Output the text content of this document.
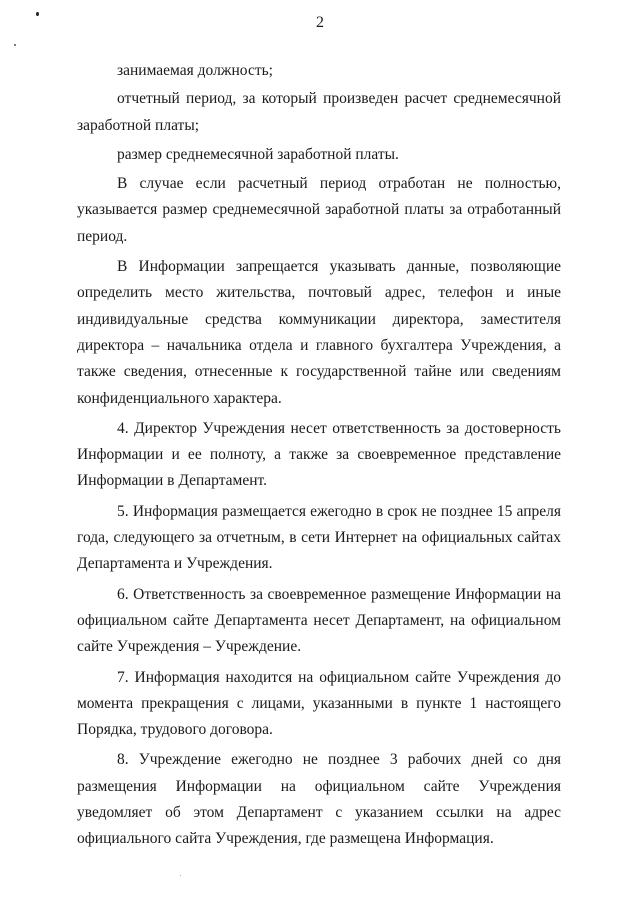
2

занимаемая должность;

отчетный период, за который произведен расчет среднемесячной заработной платы;

размер среднемесячной заработной платы.

В случае если расчетный период отработан не полностью, указывается размер среднемесячной заработной платы за отработанный период.

В Информации запрещается указывать данные, позволяющие определить место жительства, почтовый адрес, телефон и иные индивидуальные средства коммуникации директора, заместителя директора – начальника отдела и главного бухгалтера Учреждения, а также сведения, отнесенные к государственной тайне или сведениям конфиденциального характера.

4. Директор Учреждения несет ответственность за достоверность Информации и ее полноту, а также за своевременное представление Информации в Департамент.

5. Информация размещается ежегодно в срок не позднее 15 апреля года, следующего за отчетным, в сети Интернет на официальных сайтах Департамента и Учреждения.

6. Ответственность за своевременное размещение Информации на официальном сайте Департамента несет Департамент, на официальном сайте Учреждения – Учреждение.

7. Информация находится на официальном сайте Учреждения до момента прекращения с лицами, указанными в пункте 1 настоящего Порядка, трудового договора.

8. Учреждение ежегодно не позднее 3 рабочих дней со дня размещения Информации на официальном сайте Учреждения уведомляет об этом Департамент с указанием ссылки на адрес официального сайта Учреждения, где размещена Информация.
